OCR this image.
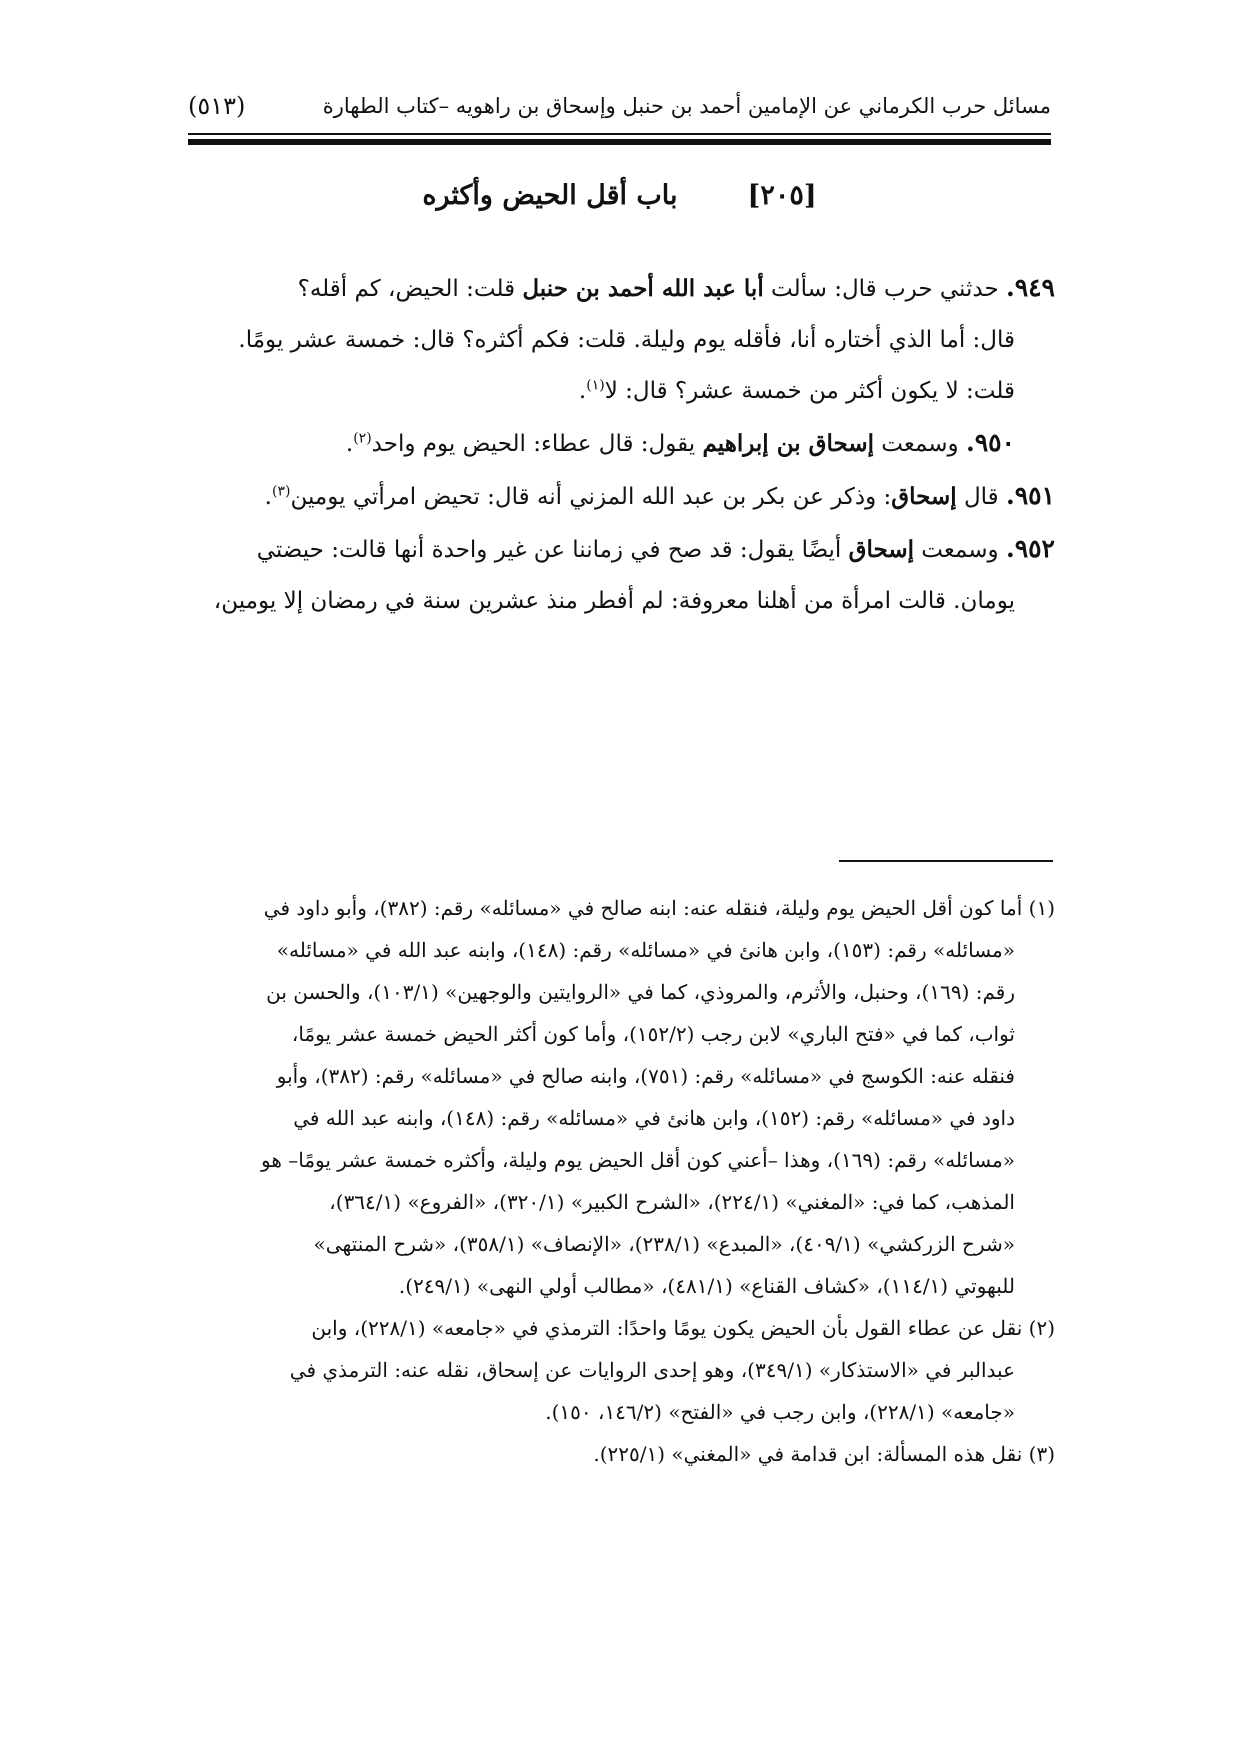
مسائل حرب الكرماني عن الإمامين أحمد بن حنبل وإسحاق بن راهويه –كتاب الطهارة
(٥١٣)
[٢٠٥]باب أقل الحيض وأكثره

٩٤٩. حدثني حرب قال: سألت أبا عبد الله أحمد بن حنبل قلت: الحيض، كم أقله؟

قال: أما الذي أختاره أنا، فأقله يوم وليلة. قلت: فكم أكثره؟ قال: خمسة عشر يومًا.

قلت: لا يكون أكثر من خمسة عشر؟ قال: لا$^{(١)}$.

٩٥٠. وسمعت إسحاق بن إبراهيم يقول: قال عطاء: الحيض يوم واحد$^{(٢)}$.

٩٥١. قال إسحاق: وذكر عن بكر بن عبد الله المزني أنه قال: تحيض امرأتي يومين$^{(٣)}$.

٩٥٢. وسمعت إسحاق أيضًا يقول: قد صح في زماننا عن غير واحدة أنها قالت: حيضتي

يومان. قالت امرأة من أهلنا معروفة: لم أفطر منذ عشرين سنة في رمضان إلا يومين،

(١) أما كون أقل الحيض يوم وليلة، فنقله عنه: ابنه صالح في «مسائله» رقم: (٣٨٢)، وأبو داود في

«مسائله» رقم: (١٥٣)، وابن هانئ في «مسائله» رقم: (١٤٨)، وابنه عبد الله في «مسائله»

رقم: (١٦٩)، وحنبل، والأثرم، والمروذي، كما في «الروايتين والوجهين» (١٠٣/١)، والحسن بن

ثواب، كما في «فتح الباري» لابن رجب (١٥٢/٢)، وأما كون أكثر الحيض خمسة عشر يومًا،

فنقله عنه: الكوسج في «مسائله» رقم: (٧٥١)، وابنه صالح في «مسائله» رقم: (٣٨٢)، وأبو

داود في «مسائله» رقم: (١٥٢)، وابن هانئ في «مسائله» رقم: (١٤٨)، وابنه عبد الله في

«مسائله» رقم: (١٦٩)، وهذا –أعني كون أقل الحيض يوم وليلة، وأكثره خمسة عشر يومًا– هو

المذهب، كما في: «المغني» (٢٢٤/١)، «الشرح الكبير» (٣٢٠/١)، «الفروع» (٣٦٤/١)،

«شرح الزركشي» (٤٠٩/١)، «المبدع» (٢٣٨/١)، «الإنصاف» (٣٥٨/١)، «شرح المنتهى»

للبهوتي (١١٤/١)، «كشاف القناع» (٤٨١/١)، «مطالب أولي النهى» (٢٤٩/١).

(٢) نقل عن عطاء القول بأن الحيض يكون يومًا واحدًا: الترمذي في «جامعه» (٢٢٨/١)، وابن

عبدالبر في «الاستذكار» (٣٤٩/١)، وهو إحدى الروايات عن إسحاق، نقله عنه: الترمذي في

«جامعه» (٢٢٨/١)، وابن رجب في «الفتح» (١٤٦/٢، ١٥٠).

(٣) نقل هذه المسألة: ابن قدامة في «المغني» (٢٢٥/١).
